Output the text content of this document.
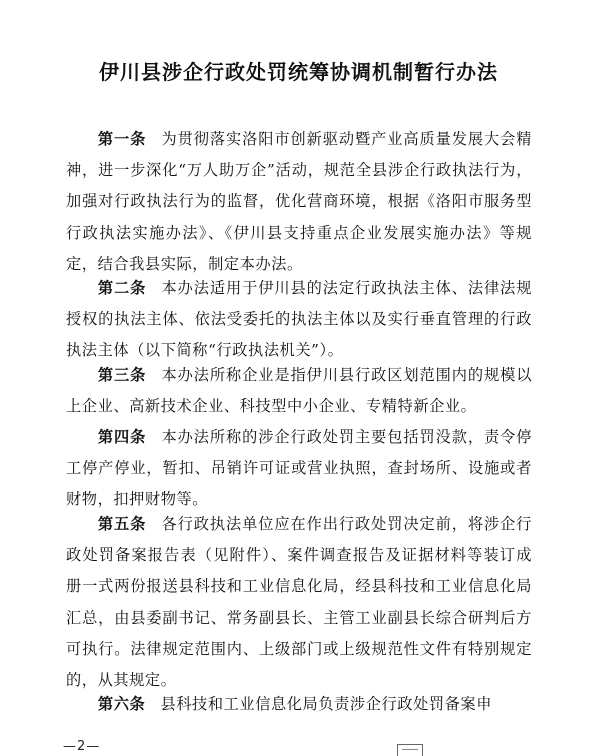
伊川县涉企行政处罚统筹协调机制暂行办法

第一条 为贯彻落实洛阳市创新驱动暨产业高质量发展大会精神，进一步深化“万人助万企”活动，规范全县涉企行政执法行为，加强对行政执法行为的监督，优化营商环境，根据《洛阳市服务型行政执法实施办法》、《伊川县支持重点企业发展实施办法》等规定，结合我县实际，制定本办法。

第二条 本办法适用于伊川县的法定行政执法主体、法律法规授权的执法主体、依法受委托的执法主体以及实行垂直管理的行政执法主体（以下简称“行政执法机关”）。

第三条 本办法所称企业是指伊川县行政区划范围内的规模以上企业、高新技术企业、科技型中小企业、专精特新企业。

第四条 本办法所称的涉企行政处罚主要包括罚没款，责令停工停产停业，暂扣、吊销许可证或营业执照，查封场所、设施或者财物，扣押财物等。

第五条 各行政执法单位应在作出行政处罚决定前，将涉企行政处罚备案报告表（见附件）、案件调查报告及证据材料等装订成册一式两份报送县科技和工业信息化局，经县科技和工业信息化局汇总，由县委副书记、常务副县长、主管工业副县长综合研判后方可执行。法律规定范围内、上级部门或上级规范性文件有特别规定的，从其规定。

第六条 县科技和工业信息化局负责涉企行政处罚备案申

—2—
